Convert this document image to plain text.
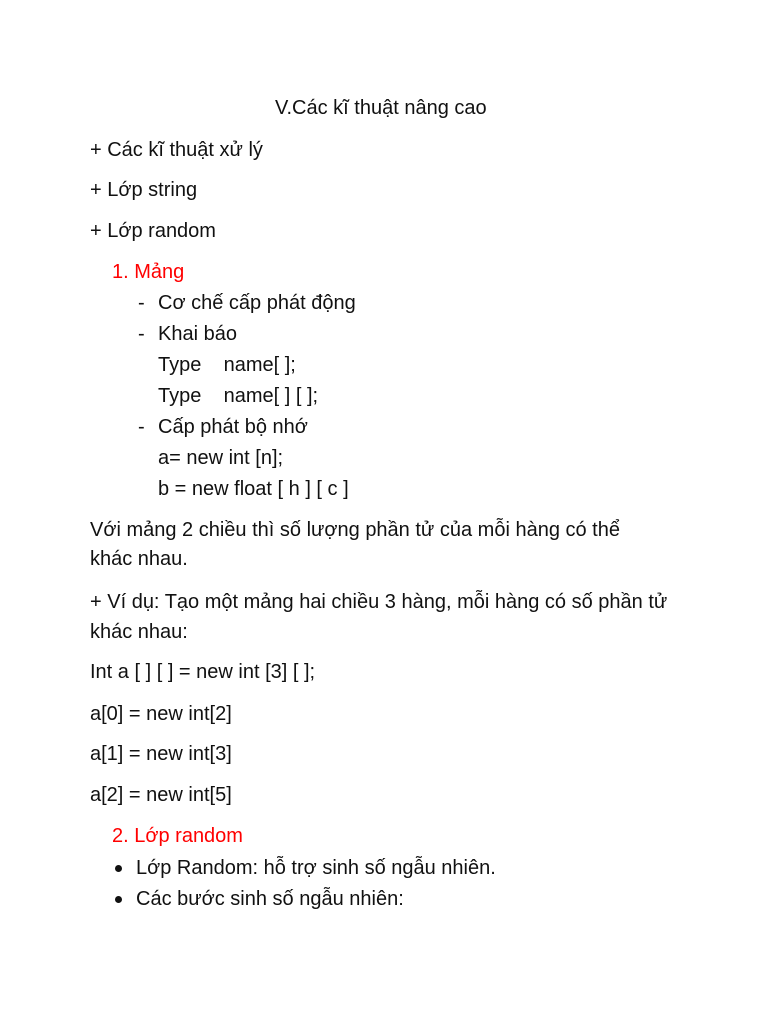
V.Các kĩ thuật nâng cao
+ Các kĩ thuật xử lý
+ Lớp string
+ Lớp random
1. Mảng
- Cơ chế cấp phát động
- Khai báo
Type    name[ ];
Type    name[ ] [ ];
- Cấp phát bộ nhớ
a= new int [n];
b = new float [ h ] [ c ]
Với mảng 2 chiều thì số lượng phần tử của mỗi hàng có thể
khác nhau.
+ Ví dụ: Tạo một mảng hai chiều 3 hàng, mỗi hàng có số phần tử
khác nhau:
Int a [ ] [ ] = new int [3] [ ];
a[0] = new int[2]
a[1] = new int[3]
a[2] = new int[5]
2. Lớp random
Lớp Random: hỗ trợ sinh số ngẫu nhiên.
Các bước sinh số ngẫu nhiên:
